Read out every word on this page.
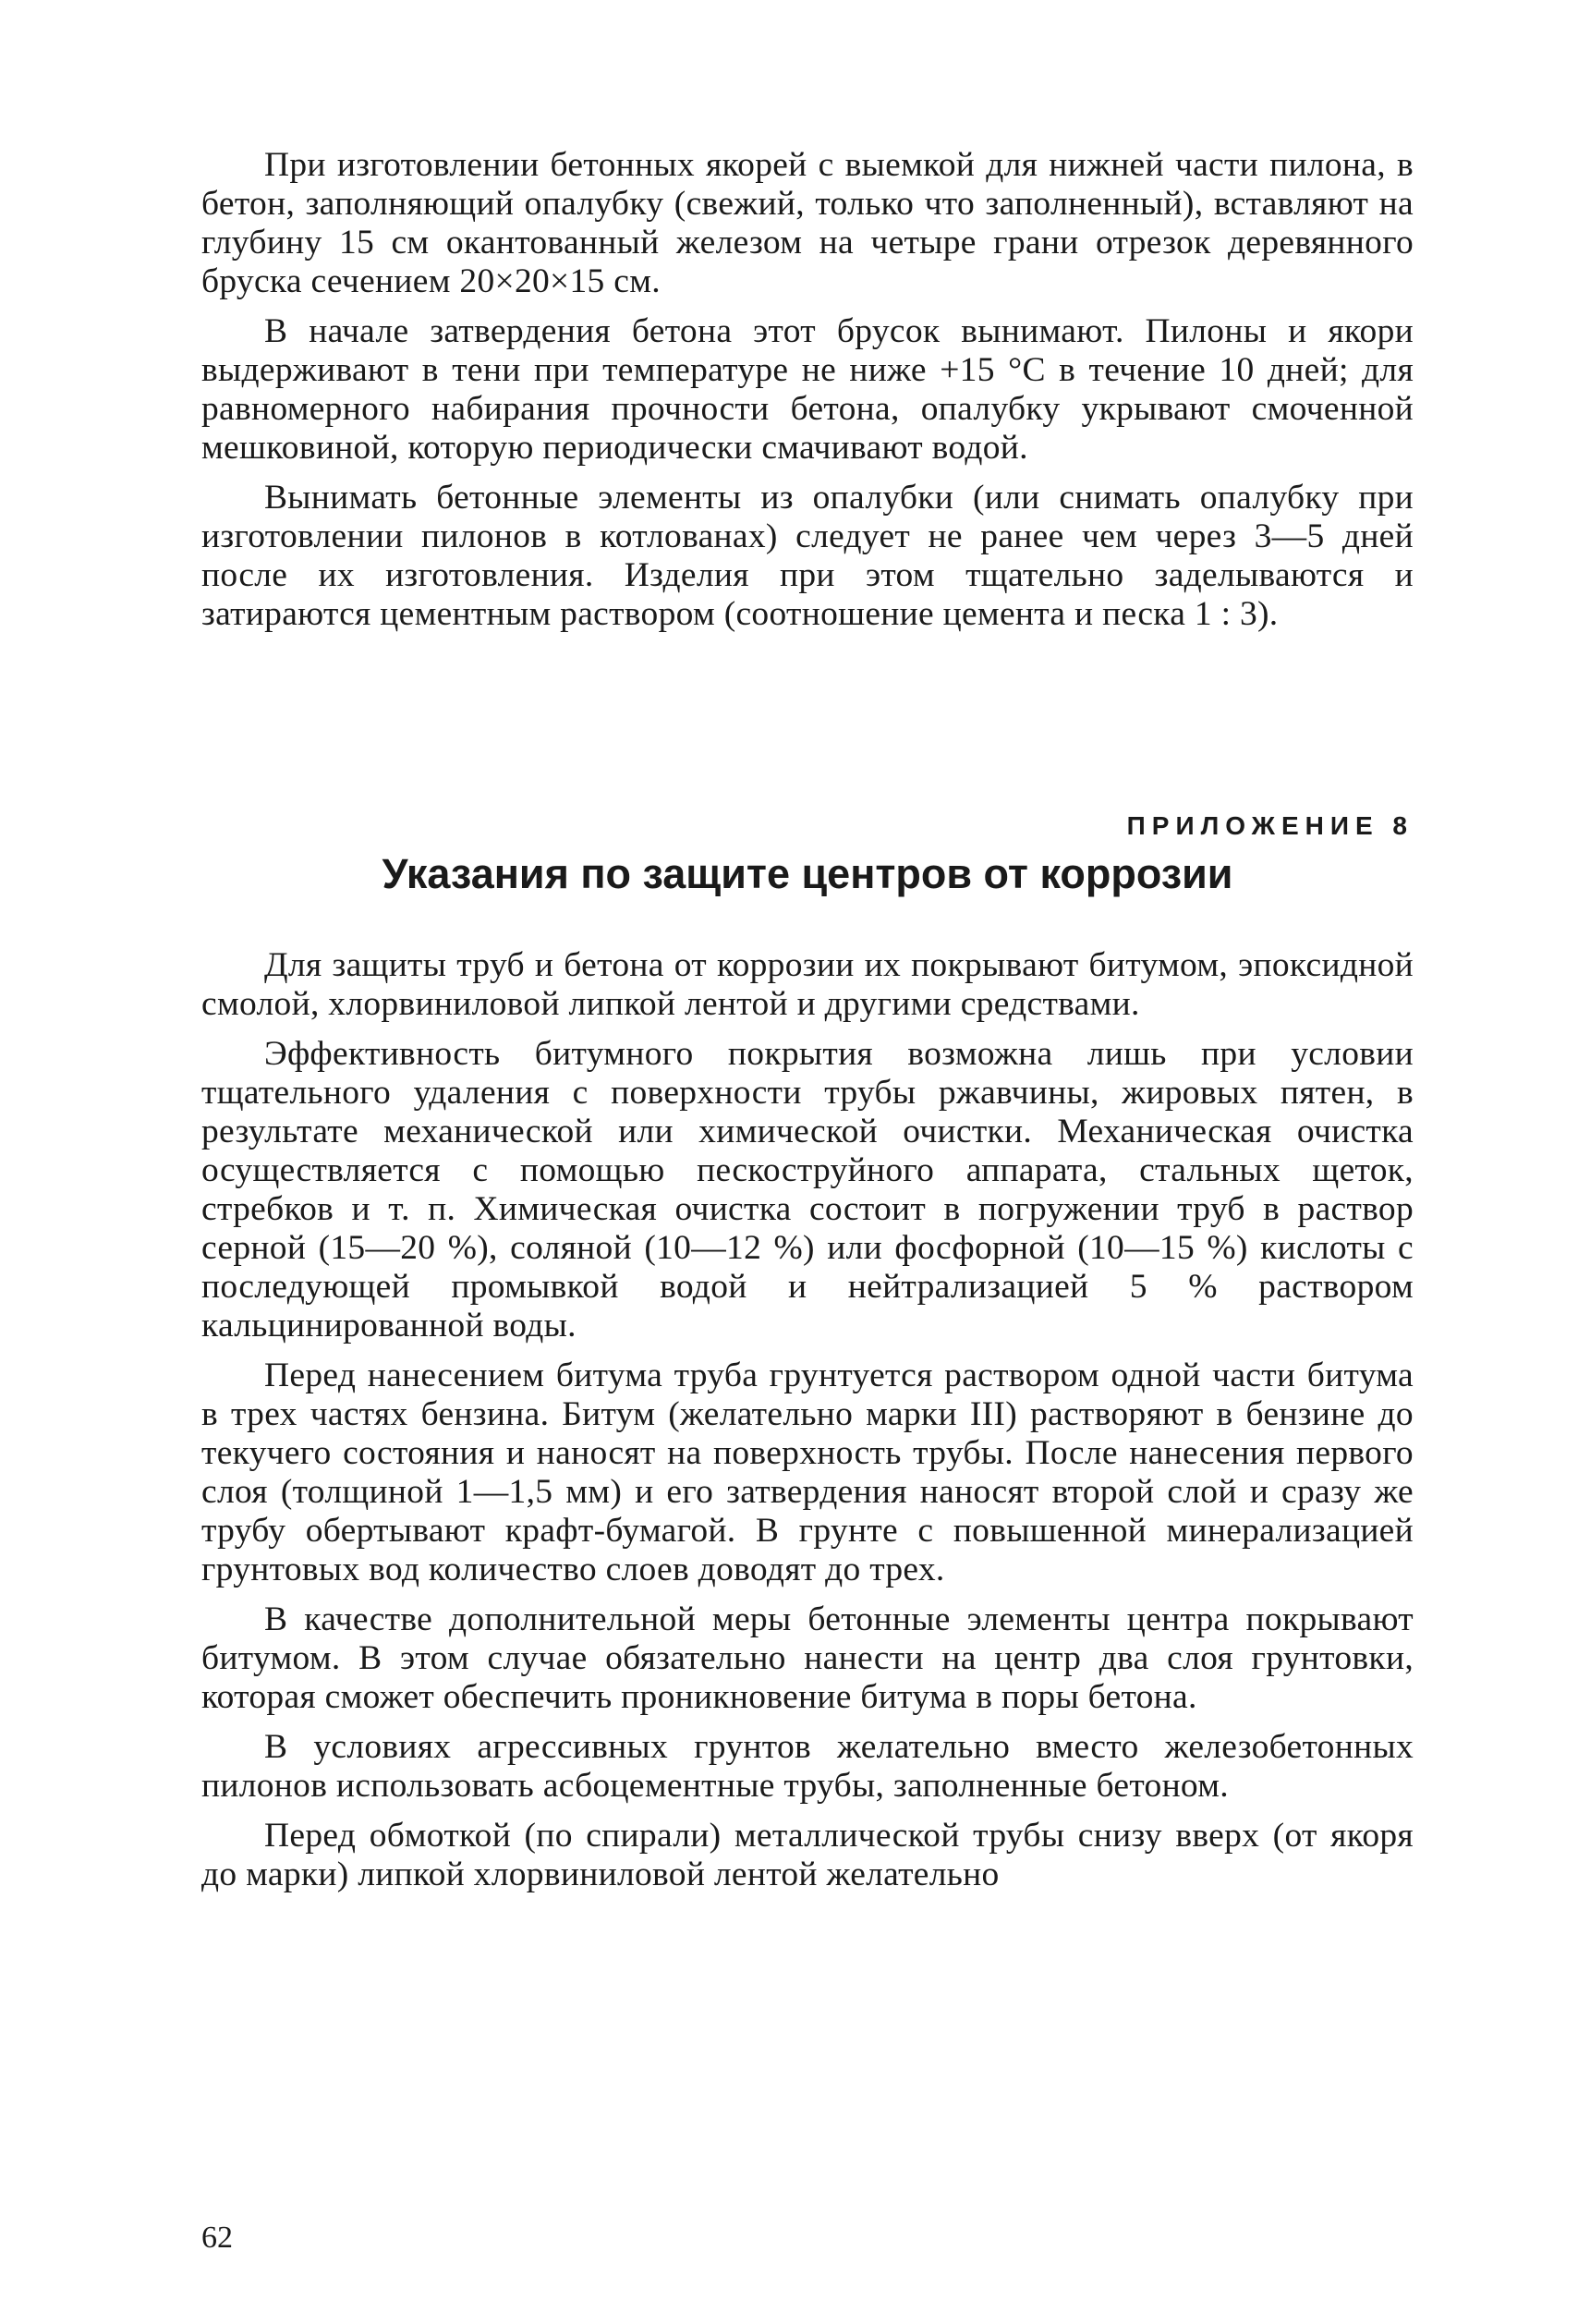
При изготовлении бетонных якорей с выемкой для нижней части пилона, в бетон, заполняющий опалубку (свежий, только что заполненный), вставляют на глубину 15 см окантованный железом на четыре грани отрезок деревянного бруска сечением 20×20×15 см.

В начале затвердения бетона этот брусок вынимают. Пилоны и якори выдерживают в тени при температуре не ниже +15 °С в течение 10 дней; для равномерного набирания прочности бетона, опалубку укрывают смоченной мешковиной, которую периодически смачивают водой.

Вынимать бетонные элементы из опалубки (или снимать опалубку при изготовлении пилонов в котлованах) следует не ранее чем через 3—5 дней после их изготовления. Изделия при этом тщательно заделываются и затираются цементным раствором (соотношение цемента и песка 1 : 3).

ПРИЛОЖЕНИЕ 8
Указания по защите центров от коррозии

Для защиты труб и бетона от коррозии их покрывают битумом, эпоксидной смолой, хлорвиниловой липкой лентой и другими средствами.

Эффективность битумного покрытия возможна лишь при условии тщательного удаления с поверхности трубы ржавчины, жировых пятен, в результате механической или химической очистки. Механическая очистка осуществляется с помощью пескоструйного аппарата, стальных щеток, стребков и т. п. Химическая очистка состоит в погружении труб в раствор серной (15—20 %), соляной (10—12 %) или фосфорной (10—15 %) кислоты с последующей промывкой водой и нейтрализацией 5 % раствором кальцинированной воды.

Перед нанесением битума труба грунтуется раствором одной части битума в трех частях бензина. Битум (желательно марки III) растворяют в бензине до текучего состояния и наносят на поверхность трубы. После нанесения первого слоя (толщиной 1—1,5 мм) и его затвердения наносят второй слой и сразу же трубу обертывают крафт-бумагой. В грунте с повышенной минерализацией грунтовых вод количество слоев доводят до трех.

В качестве дополнительной меры бетонные элементы центра покрывают битумом. В этом случае обязательно нанести на центр два слоя грунтовки, которая сможет обеспечить проникновение битума в поры бетона.

В условиях агрессивных грунтов желательно вместо железобетонных пилонов использовать асбоцементные трубы, заполненные бетоном.

Перед обмоткой (по спирали) металлической трубы снизу вверх (от якоря до марки) липкой хлорвиниловой лентой желательно

62
